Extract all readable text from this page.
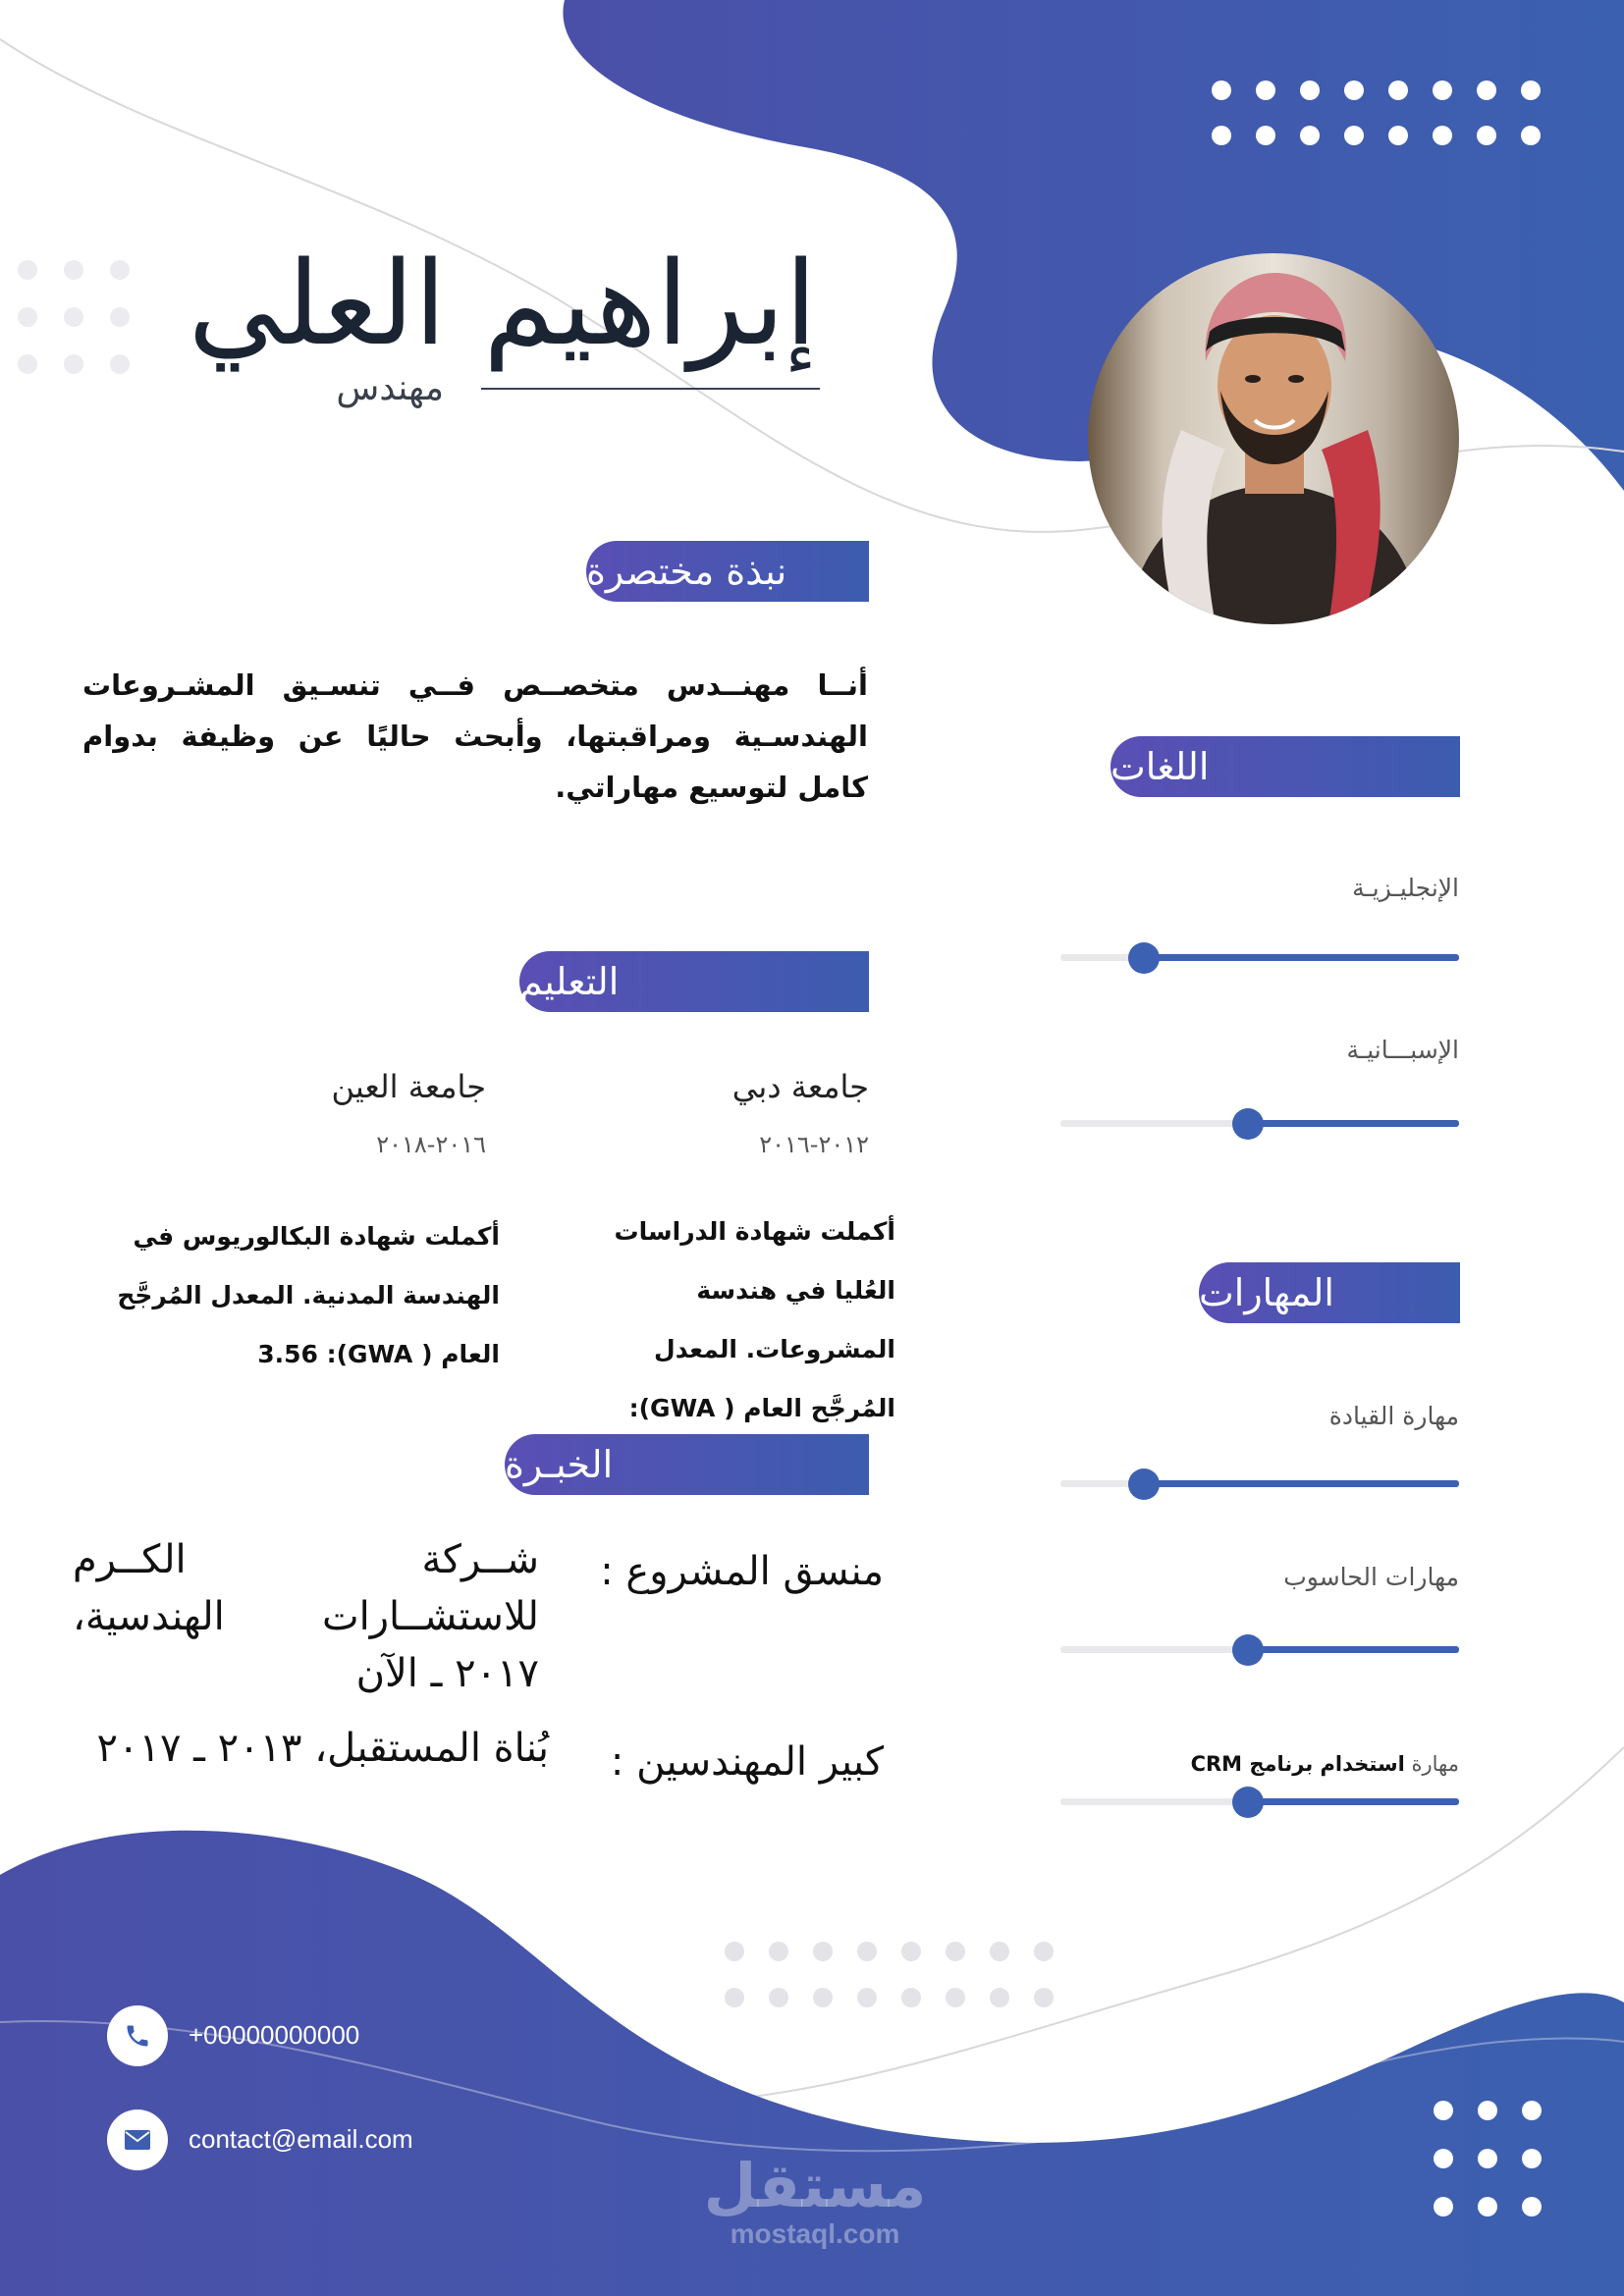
إبراهيم العلي
مهندس
نبذة مختصرة
أنــا مهنــدس متخصــص فــي تنسـيق المشـروعات الهندسـية ومراقبتها، وأبحث حاليًا عن وظيفة بدوام كامل لتوسيع مهاراتي.
التعليم
جامعة دبي
٢٠١٢-٢٠١٦
أكملت شهادة الدراسات العُليا في هندسة المشروعات. المعدل المُرجَّح العام ( GWA):
جامعة العين
٢٠١٦-٢٠١٨
أكملت شهادة البكالوريوس في الهندسة المدنية. المعدل المُرجَّح العام ( GWA): 3.56
الخبـرة
منسق المشروع :
شــركة الكــرم للاستشــارات الهندسية، ٢٠١٧ ـ الآن
كبير المهندسين :
بُناة المستقبل، ٢٠١٣ ـ ٢٠١٧
اللغات
الإنجليـزيـة
الإسبـــانيـة
المهارات
مهارة القيادة
مهارات الحاسوب
مهارة استخدام برنامج CRM
+00000000000
contact@email.com
مستقل
mostaql.com
